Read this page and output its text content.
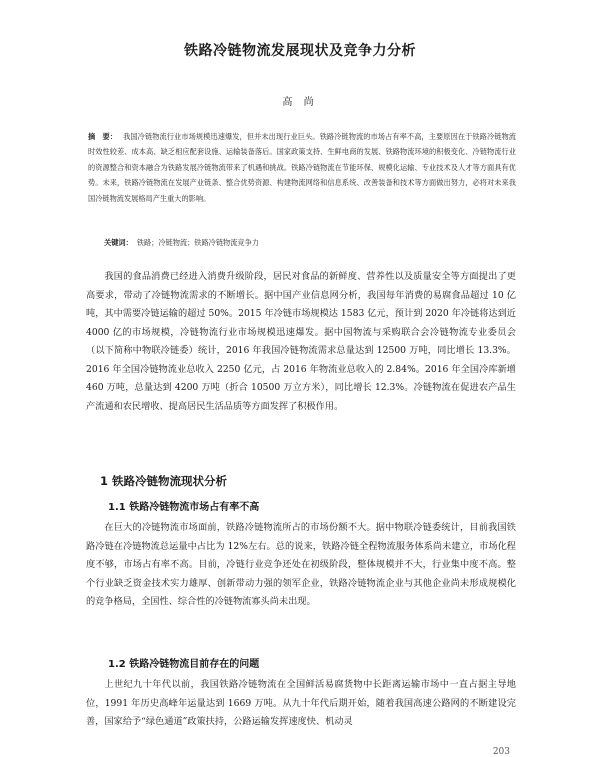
铁路冷链物流发展现状及竞争力分析
高 尚
摘　要： 我国冷链物流行业市场规模迅速爆发，但并未出现行业巨头。铁路冷链物流的市场占有率不高，主要原因在于铁路冷链物流时效性较差、成本高、缺乏相应配套设施、运输装备落后。国家政策支持、生鲜电商的发展、铁路物流环境的积极变化、冷链物流行业的资源整合和资本融合为铁路发展冷链物流带来了机遇和挑战。铁路冷链物流在节能环保、规模化运输、专业技术及人才等方面具有优势。未来，铁路冷链物流在发展产业链条、整合优势资源、构建物流网络和信息系统、改善装备和技术等方面做出努力，必将对未来我国冷链物流发展格局产生重大的影响。
关键词： 铁路；冷链物流；铁路冷链物流竞争力

我国的食品消费已经进入消费升级阶段，居民对食品的新鲜度、营养性以及质量安全等方面提出了更高要求，带动了冷链物流需求的不断增长。据中国产业信息网分析，我国每年消费的易腐食品超过 10 亿吨，其中需要冷链运输的超过 50%。2015 年冷链市场规模达 1583 亿元，预计到 2020 年冷链将达到近 4000 亿的市场规模，冷链物流行业市场规模迅速爆发。据中国物流与采购联合会冷链物流专业委员会（以下简称中物联冷链委）统计，2016 年我国冷链物流需求总量达到 12500 万吨，同比增长 13.3%。2016 年全国冷链物流业总收入 2250 亿元，占 2016 年物流业总收入的 2.84%。2016 年全国冷库新增 460 万吨，总量达到 4200 万吨（折合 10500 万立方米），同比增长 12.3%。冷链物流在促进农产品生产流通和农民增收、提高居民生活品质等方面发挥了积极作用。

1 铁路冷链物流现状分析
1.1 铁路冷链物流市场占有率不高

在巨大的冷链物流市场面前，铁路冷链物流所占的市场份额不大。据中物联冷链委统计，目前我国铁路冷链在冷链物流总运量中占比为 12%左右。总的说来，铁路冷链全程物流服务体系尚未建立，市场化程度不够，市场占有率不高。目前，冷链行业竞争还处在初级阶段，整体规模并不大，行业集中度不高。整个行业缺乏资金技术实力雄厚、创新带动力强的领军企业，铁路冷链物流企业与其他企业尚未形成规模化的竞争格局，全国性、综合性的冷链物流寡头尚未出现。

1.2 铁路冷链物流目前存在的问题

上世纪九十年代以前，我国铁路冷链物流在全国鲜活易腐货物中长距离运输市场中一直占据主导地位，1991 年历史高峰年运量达到 1669 万吨。从九十年代后期开始，随着我国高速公路网的不断建设完善，国家给予“绿色通道”政策扶持，公路运输发挥速度快、机动灵

203
